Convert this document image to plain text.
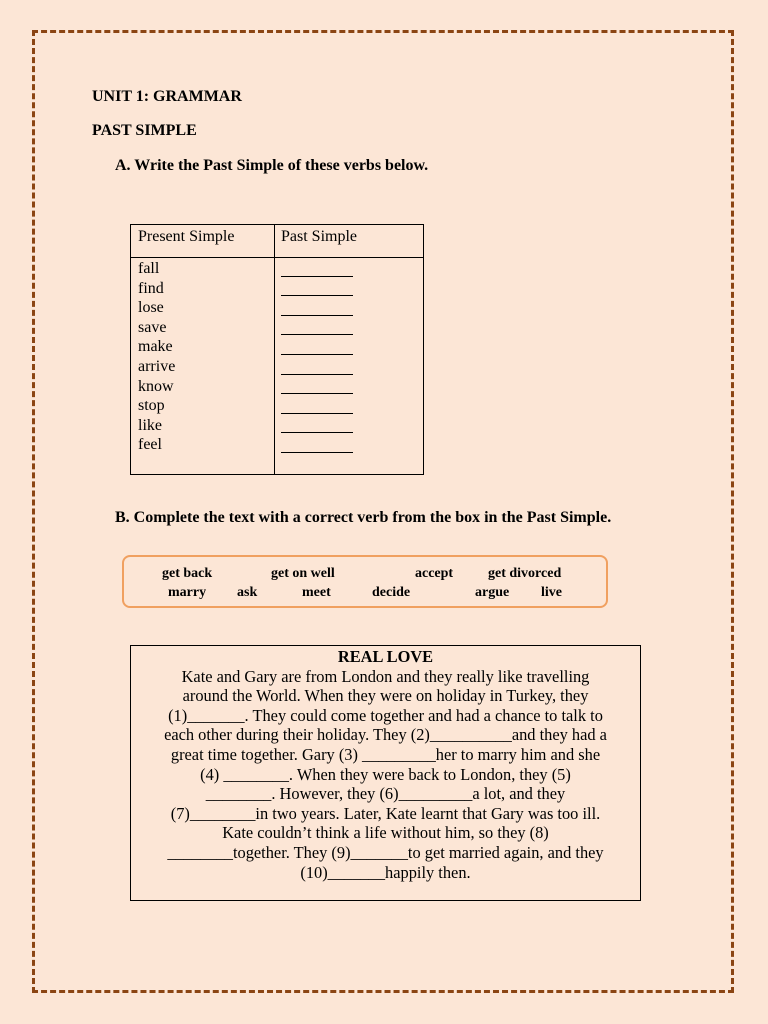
UNIT 1: GRAMMAR
PAST SIMPLE
A. Write the Past Simple of these verbs below.
Present Simple	Past Simple
fall
find
lose
save
make
arrive
know
stop
like
feel
B. Complete the text with a correct verb from the box in the Past Simple.
get back	get on well	accept get divorced
marry ask	meet	decide	argue live
REAL LOVE
Kate and Gary are from London and they really like travelling
around the World. When they were on holiday in Turkey, they
(1)_______. They could come together and had a chance to talk to
each other during their holiday. They (2)__________and they had a
great time together. Gary (3) _________her to marry him and she
(4) ________. When they were back to London, they (5)
________. However, they (6)_________a lot, and they
(7)________in two years. Later, Kate learnt that Gary was too ill.
Kate couldn’t think a life without him, so they (8)
________together. They (9)_______to get married again, and they
(10)_______happily then.
